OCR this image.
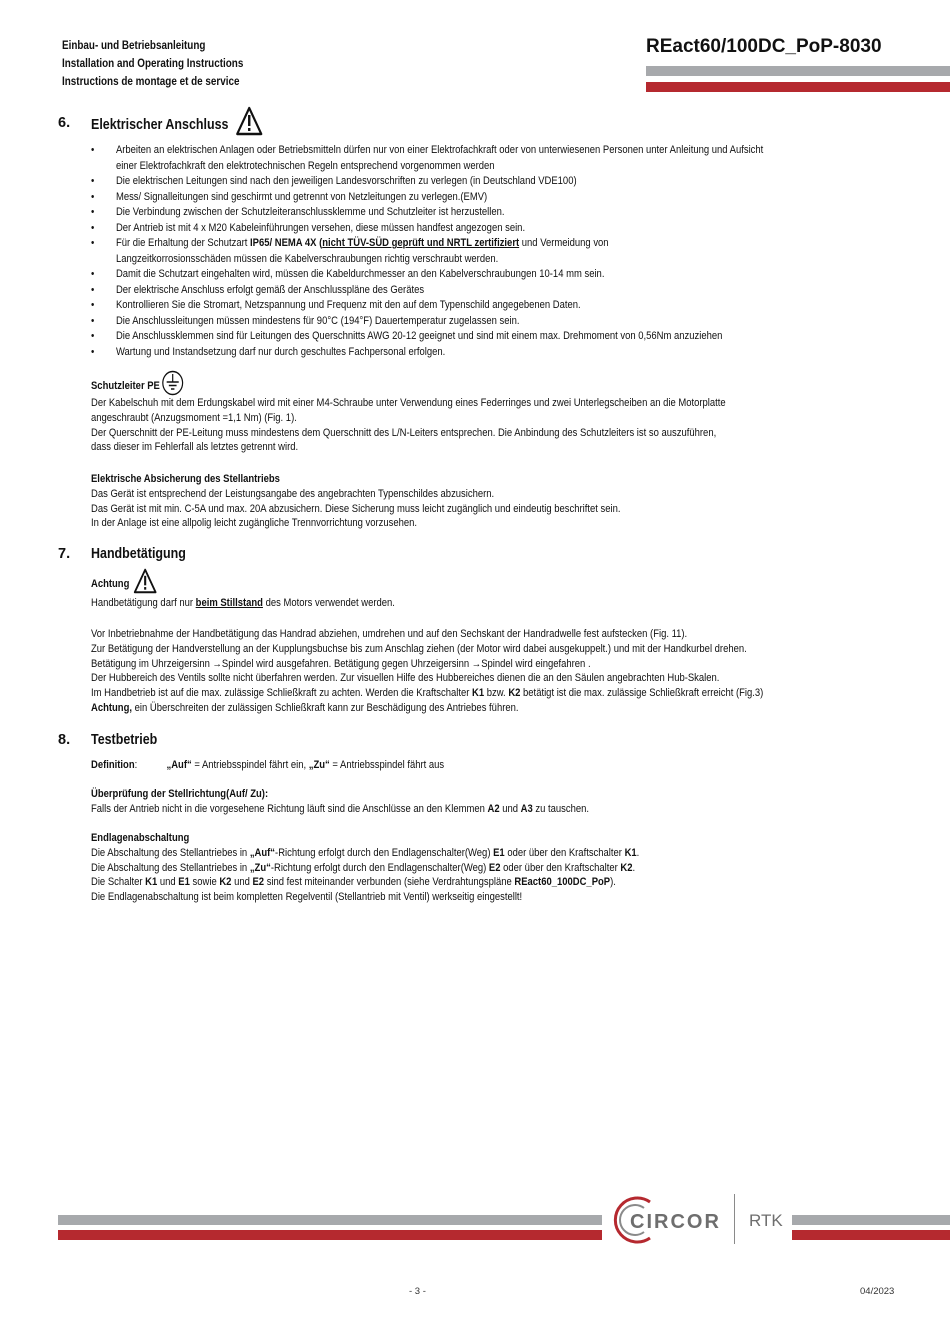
Einbau- und Betriebsanleitung
Installation and Operating Instructions
Instructions de montage et de service
REact60/100DC_PoP-8030
6. Elektrischer Anschluss
• Arbeiten an elektrischen Anlagen oder Betriebsmitteln dürfen nur von einer Elektrofachkraft oder von unterwiesenen Personen unter Anleitung und Aufsicht
einer Elektrofachkraft den elektrotechnischen Regeln entsprechend vorgenommen werden
• Die elektrischen Leitungen sind nach den jeweiligen Landesvorschriften zu verlegen (in Deutschland VDE100)
• Mess/ Signalleitungen sind geschirmt und getrennt von Netzleitungen zu verlegen.(EMV)
• Die Verbindung zwischen der Schutzleiteranschlussklemme und Schutzleiter ist herzustellen.
• Der Antrieb ist mit 4 x M20 Kabeleinführungen versehen, diese müssen handfest angezogen sein.
• Für die Erhaltung der Schutzart IP65/ NEMA 4X (nicht TÜV-SÜD geprüft und NRTL zertifiziert und Vermeidung von
Langzeitkorrosionsschäden müssen die Kabelverschraubungen richtig verschraubt werden.
• Damit die Schutzart eingehalten wird, müssen die Kabeldurchmesser an den Kabelverschraubungen 10-14 mm sein.
• Der elektrische Anschluss erfolgt gemäß der Anschlusspläne des Gerätes
• Kontrollieren Sie die Stromart, Netzspannung und Frequenz mit den auf dem Typenschild angegebenen Daten.
• Die Anschlussleitungen müssen mindestens für 90°C (194°F) Dauertemperatur zugelassen sein.
• Die Anschlussklemmen sind für Leitungen des Querschnitts AWG 20-12 geeignet und sind mit einem max. Drehmoment von 0,56Nm anzuziehen
• Wartung und Instandsetzung darf nur durch geschultes Fachpersonal erfolgen.
Schutzleiter PE
Der Kabelschuh mit dem Erdungskabel wird mit einer M4-Schraube unter Verwendung eines Federringes und zwei Unterlegscheiben an die Motorplatte
angeschraubt (Anzugsmoment =1,1 Nm) (Fig. 1).
Der Querschnitt der PE-Leitung muss mindestens dem Querschnitt des L/N-Leiters entsprechen. Die Anbindung des Schutzleiters ist so auszuführen,
dass dieser im Fehlerfall als letztes getrennt wird.
Elektrische Absicherung des Stellantriebs
Das Gerät ist entsprechend der Leistungsangabe des angebrachten Typenschildes abzusichern.
Das Gerät ist mit min. C-5A und max. 20A abzusichern. Diese Sicherung muss leicht zugänglich und eindeutig beschriftet sein.
In der Anlage ist eine allpolig leicht zugängliche Trennvorrichtung vorzusehen.
7. Handbetätigung
Achtung
Handbetätigung darf nur beim Stillstand des Motors verwendet werden.
Vor Inbetriebnahme der Handbetätigung das Handrad abziehen, umdrehen und auf den Sechskant der Handradwelle fest aufstecken (Fig. 11).
Zur Betätigung der Handverstellung an der Kupplungsbuchse bis zum Anschlag ziehen (der Motor wird dabei ausgekuppelt.) und mit der Handkurbel drehen.
Betätigung im Uhrzeigersinn →Spindel wird ausgefahren. Betätigung gegen Uhrzeigersinn →Spindel wird eingefahren .
Der Hubbereich des Ventils sollte nicht überfahren werden. Zur visuellen Hilfe des Hubbereiches dienen die an den Säulen angebrachten Hub-Skalen.
Im Handbetrieb ist auf die max. zulässige Schließkraft zu achten. Werden die Kraftschalter K1 bzw. K2 betätigt ist die max. zulässige Schließkraft erreicht (Fig.3)
Achtung, ein Überschreiten der zulässigen Schließkraft kann zur Beschädigung des Antriebes führen.
8. Testbetrieb
Definition:	„Auf“ = Antriebsspindel fährt ein, „Zu“ = Antriebsspindel fährt aus
Überprüfung der Stellrichtung(Auf/ Zu):
Falls der Antrieb nicht in die vorgesehene Richtung läuft sind die Anschlüsse an den Klemmen A2 und A3 zu tauschen.
Endlagenabschaltung
Die Abschaltung des Stellantriebes in „Auf“-Richtung erfolgt durch den Endlagenschalter(Weg) E1 oder über den Kraftschalter K1.
Die Abschaltung des Stellantriebes in „Zu“-Richtung erfolgt durch den Endlagenschalter(Weg) E2 oder über den Kraftschalter K2.
Die Schalter K1 und E1 sowie K2 und E2 sind fest miteinander verbunden (siehe Verdrahtungspläne REact60_100DC_PoP).
Die Endlagenabschaltung ist beim kompletten Regelventil (Stellantrieb mit Ventil) werkseitig eingestellt!
CIRCOR RTK
- 3 -	04/2023
